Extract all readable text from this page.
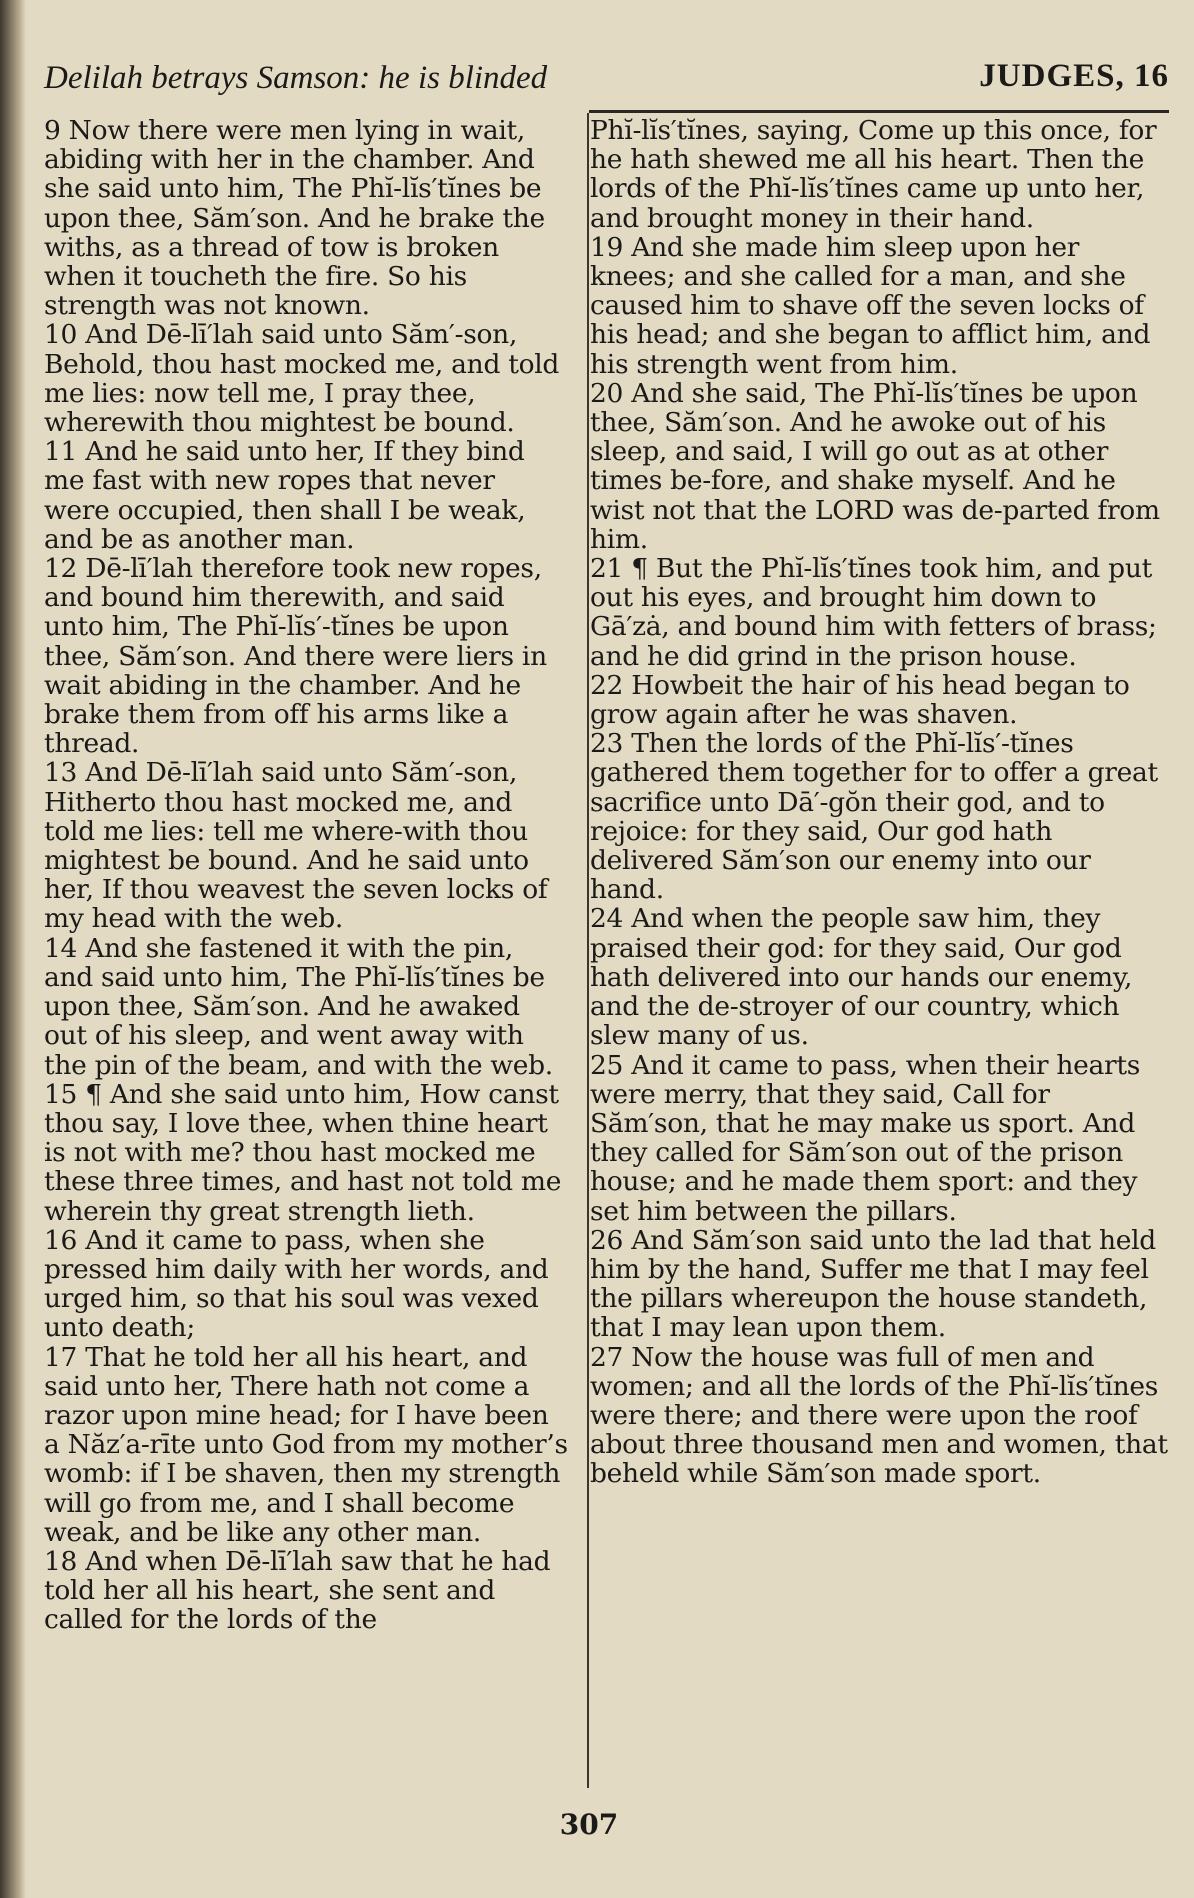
Delilah betrays Samson: he is blinded	JUDGES, 16

9 Now there were men lying in wait, abiding with her in the chamber. And she said unto him, The Phĭ-lĭs′tĭnes be upon thee, Săm′son. And he brake the withs, as a thread of tow is broken when it toucheth the fire. So his strength was not known.

10 And Dē-lī′lah said unto Săm′-son, Behold, thou hast mocked me, and told me lies: now tell me, I pray thee, wherewith thou mightest be bound.

11 And he said unto her, If they bind me fast with new ropes that never were occupied, then shall I be weak, and be as another man.

12 Dē-lī′lah therefore took new ropes, and bound him therewith, and said unto him, The Phĭ-lĭs′-tĭnes be upon thee, Săm′son. And there were liers in wait abiding in the chamber. And he brake them from off his arms like a thread.

13 And Dē-lī′lah said unto Săm′-son, Hitherto thou hast mocked me, and told me lies: tell me where-with thou mightest be bound. And he said unto her, If thou weavest the seven locks of my head with the web.

14 And she fastened it with the pin, and said unto him, The Phĭ-lĭs′tĭnes be upon thee, Săm′son. And he awaked out of his sleep, and went away with the pin of the beam, and with the web.

15 ¶ And she said unto him, How canst thou say, I love thee, when thine heart is not with me? thou hast mocked me these three times, and hast not told me wherein thy great strength lieth.

16 And it came to pass, when she pressed him daily with her words, and urged him, so that his soul was vexed unto death;

17 That he told her all his heart, and said unto her, There hath not come a razor upon mine head; for I have been a Năz′a-rīte unto God from my mother’s womb: if I be shaven, then my strength will go from me, and I shall become weak, and be like any other man.

18 And when Dē-lī′lah saw that he had told her all his heart, she sent and called for the lords of the

Phĭ-lĭs′tĭnes, saying, Come up this once, for he hath shewed me all his heart. Then the lords of the Phĭ-lĭs′tĭnes came up unto her, and brought money in their hand.

19 And she made him sleep upon her knees; and she called for a man, and she caused him to shave off the seven locks of his head; and she began to afflict him, and his strength went from him.

20 And she said, The Phĭ-lĭs′tĭnes be upon thee, Săm′son. And he awoke out of his sleep, and said, I will go out as at other times be-fore, and shake myself. And he wist not that the LORD was de-parted from him.

21 ¶ But the Phĭ-lĭs′tĭnes took him, and put out his eyes, and brought him down to Gā′zȧ, and bound him with fetters of brass; and he did grind in the prison house.

22 Howbeit the hair of his head began to grow again after he was shaven.

23 Then the lords of the Phĭ-lĭs′-tĭnes gathered them together for to offer a great sacrifice unto Dā′-gŏn their god, and to rejoice: for they said, Our god hath delivered Săm′son our enemy into our hand.

24 And when the people saw him, they praised their god: for they said, Our god hath delivered into our hands our enemy, and the de-stroyer of our country, which slew many of us.

25 And it came to pass, when their hearts were merry, that they said, Call for Săm′son, that he may make us sport. And they called for Săm′son out of the prison house; and he made them sport: and they set him between the pillars.

26 And Săm′son said unto the lad that held him by the hand, Suffer me that I may feel the pillars whereupon the house standeth, that I may lean upon them.

27 Now the house was full of men and women; and all the lords of the Phĭ-lĭs′tĭnes were there; and there were upon the roof about three thousand men and women, that beheld while Săm′son made sport.

307
